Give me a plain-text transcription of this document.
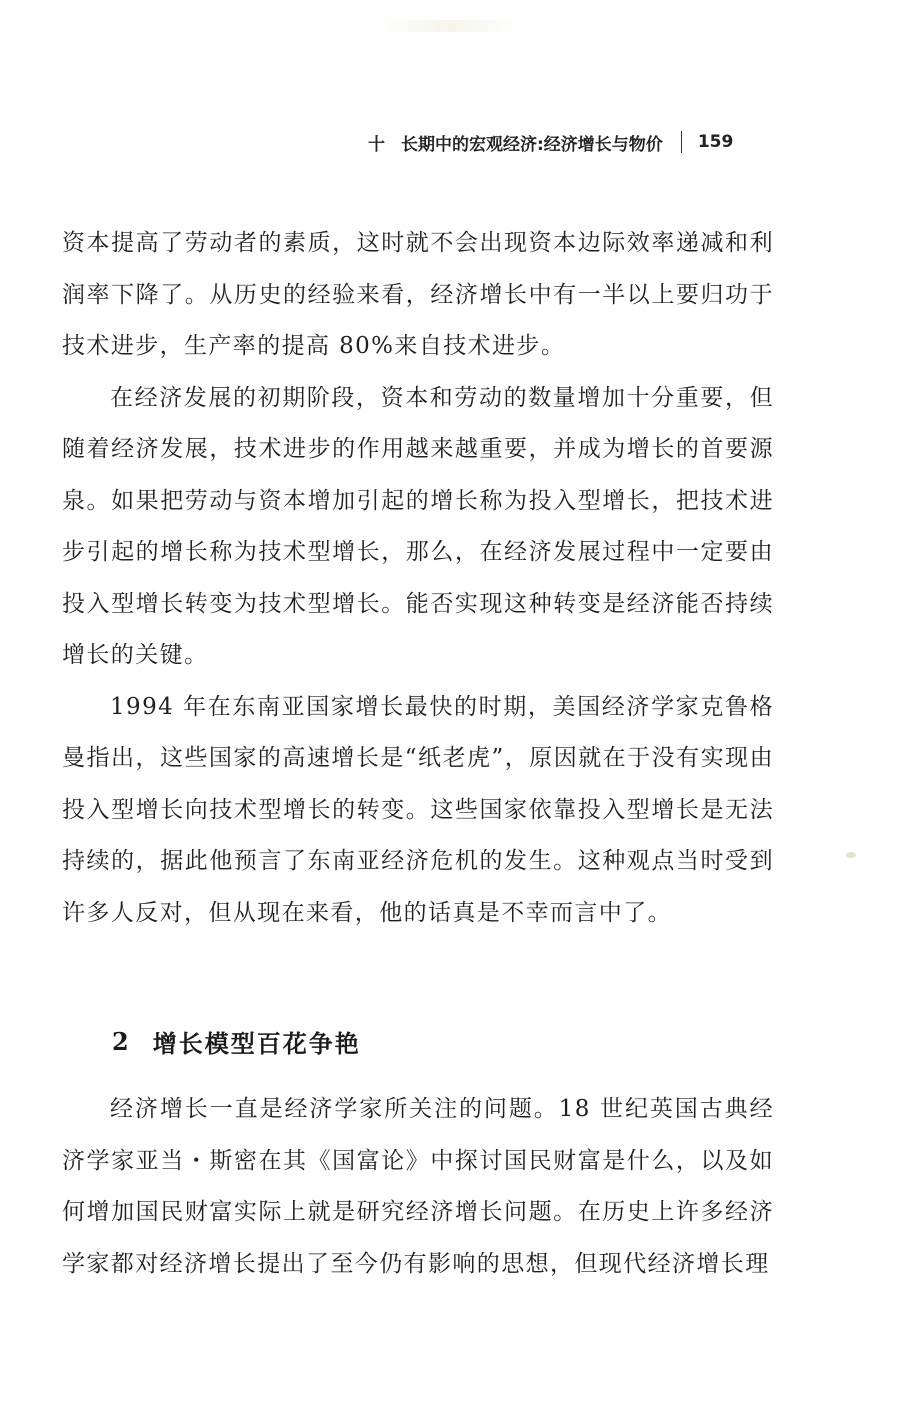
十 长期中的宏观经济:经济增长与物价 159

资本提高了劳动者的素质，这时就不会出现资本边际效率递减和利润率下降了。从历史的经验来看，经济增长中有一半以上要归功于技术进步，生产率的提高 80%来自技术进步。

在经济发展的初期阶段，资本和劳动的数量增加十分重要，但随着经济发展，技术进步的作用越来越重要，并成为增长的首要源泉。如果把劳动与资本增加引起的增长称为投入型增长，把技术进步引起的增长称为技术型增长，那么，在经济发展过程中一定要由投入型增长转变为技术型增长。能否实现这种转变是经济能否持续增长的关键。

1994 年在东南亚国家增长最快的时期，美国经济学家克鲁格曼指出，这些国家的高速增长是“纸老虎”，原因就在于没有实现由投入型增长向技术型增长的转变。这些国家依靠投入型增长是无法持续的，据此他预言了东南亚经济危机的发生。这种观点当时受到许多人反对，但从现在来看，他的话真是不幸而言中了。

2 增长模型百花争艳

经济增长一直是经济学家所关注的问题。18 世纪英国古典经济学家亚当・斯密在其《国富论》中探讨国民财富是什么，以及如何增加国民财富实际上就是研究经济增长问题。在历史上许多经济学家都对经济增长提出了至今仍有影响的思想，但现代经济增长理
